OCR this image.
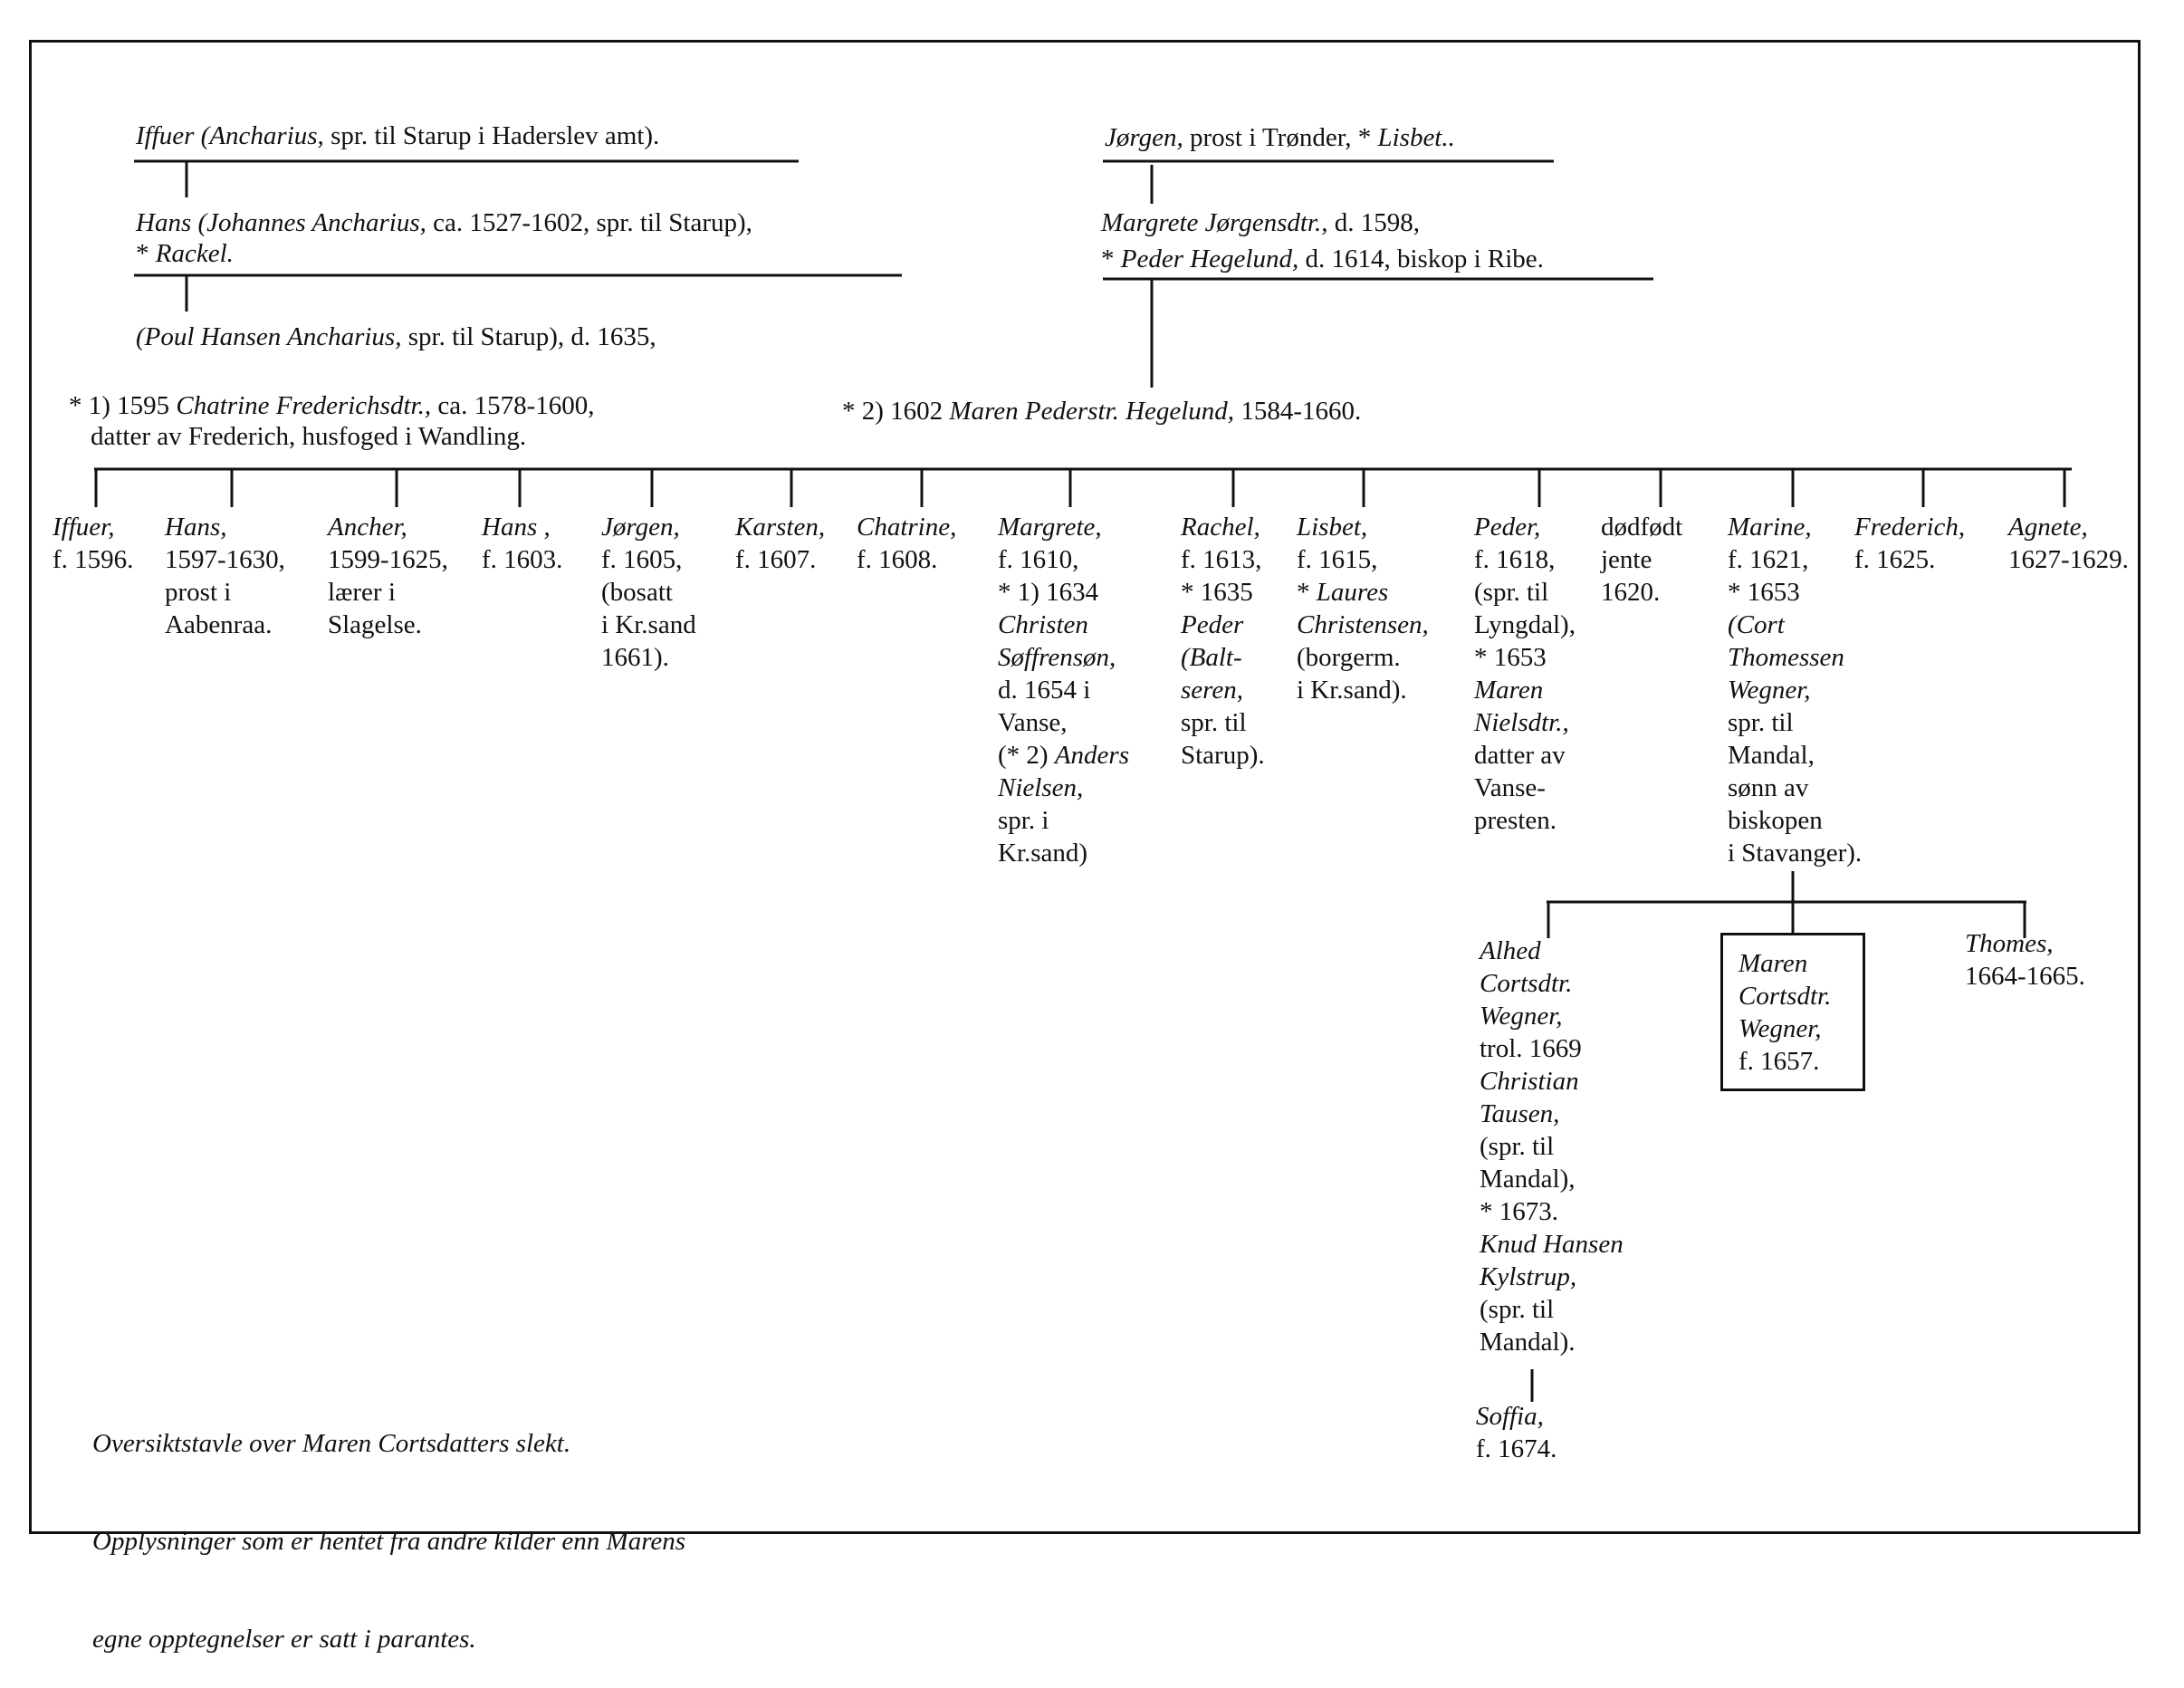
Iffuer (Ancharius, spr. til Starup i Haderslev amt).
Hans (Johannes Ancharius, ca. 1527-1602, spr. til Starup),
* Rackel.
(Poul Hansen Ancharius, spr. til Starup), d. 1635,
Jørgen, prost i Trønder, * Lisbet..
Margrete Jørgensdtr., d. 1598,
* Peder Hegelund, d. 1614, biskop i Ribe.
* 1) 1595 Chatrine Frederichsdtr., ca. 1578-1600,
datter av Frederich, husfoged i Wandling.
* 2) 1602 Maren Pederstr. Hegelund, 1584-1660.
Iffuer,
f. 1596.
Hans,
1597-1630,
prost i
Aabenraa.
Ancher,
1599-1625,
lærer i
Slagelse.
Hans ,
f. 1603.
Jørgen,
f. 1605,
(bosatt
i Kr.sand
1661).
Karsten,
f. 1607.
Chatrine,
f. 1608.
Margrete,
f. 1610,
* 1) 1634
Christen
Søffrensøn,
d. 1654 i
Vanse,
(* 2) Anders
Nielsen,
spr. i
Kr.sand)
Rachel,
f. 1613,
* 1635
Peder
(Balt-
seren,
spr. til
Starup).
Lisbet,
f. 1615,
* Laures
Christensen,
(borgerm.
i Kr.sand).
Peder,
f. 1618,
(spr. til
Lyngdal),
* 1653
Maren
Nielsdtr.,
datter av
Vanse-
presten.
dødfødt
jente
1620.
Marine,
f. 1621,
* 1653
(Cort
Thomessen
Wegner,
spr. til
Mandal,
sønn av
biskopen
i Stavanger).
Frederich,
f. 1625.
Agnete,
1627-1629.
Alhed
Cortsdtr.
Wegner,
trol. 1669
Christian
Tausen,
(spr. til
Mandal),
* 1673.
Knud Hansen
Kylstrup,
(spr. til
Mandal).
Maren
Cortsdtr.
Wegner,
f. 1657.
Thomes,
1664-1665.
Soffia,
f. 1674.

Oversiktstavle over Maren Cortsdatters slekt.

Opplysninger som er hentet fra andre kilder enn Marens

egne opptegnelser er satt i parantes.
